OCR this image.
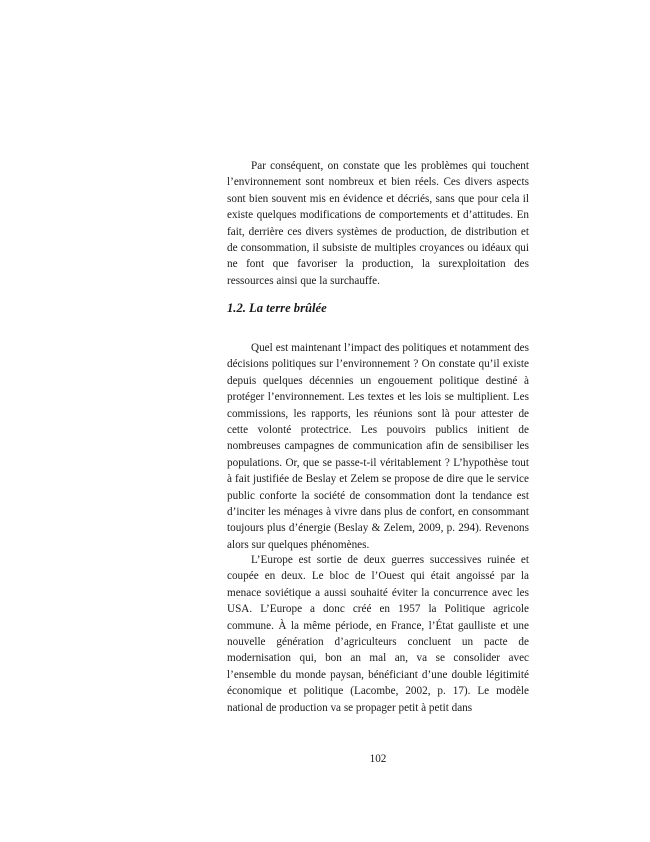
Par conséquent, on constate que les problèmes qui touchent l’environnement sont nombreux et bien réels. Ces divers aspects sont bien souvent mis en évidence et décriés, sans que pour cela il existe quelques modifications de comportements et d’attitudes. En fait, derrière ces divers systèmes de production, de distribution et de consommation, il subsiste de multiples croyances ou idéaux qui ne font que favoriser la production, la surexploitation des ressources ainsi que la surchauffe.

1.2. La terre brûlée

Quel est maintenant l’impact des politiques et notamment des décisions politiques sur l’environnement ? On constate qu’il existe depuis quelques décennies un engouement politique destiné à protéger l’environnement. Les textes et les lois se multiplient. Les commissions, les rapports, les réunions sont là pour attester de cette volonté protectrice. Les pouvoirs publics initient de nombreuses campagnes de communication afin de sensibiliser les populations. Or, que se passe-t-il véritablement ? L’hypothèse tout à fait justifiée de Beslay et Zelem se propose de dire que le service public conforte la société de consommation dont la tendance est d’inciter les ménages à vivre dans plus de confort, en consommant toujours plus d’énergie (Beslay & Zelem, 2009, p. 294). Revenons alors sur quelques phénomènes.

L’Europe est sortie de deux guerres successives ruinée et coupée en deux. Le bloc de l’Ouest qui était angoissé par la menace soviétique a aussi souhaité éviter la concurrence avec les USA. L’Europe a donc créé en 1957 la Politique agricole commune. À la même période, en France, l’État gaulliste et une nouvelle génération d’agriculteurs concluent un pacte de modernisation qui, bon an mal an, va se consolider avec l’ensemble du monde paysan, bénéficiant d’une double légitimité économique et politique (Lacombe, 2002, p. 17). Le modèle national de production va se propager petit à petit dans

102
